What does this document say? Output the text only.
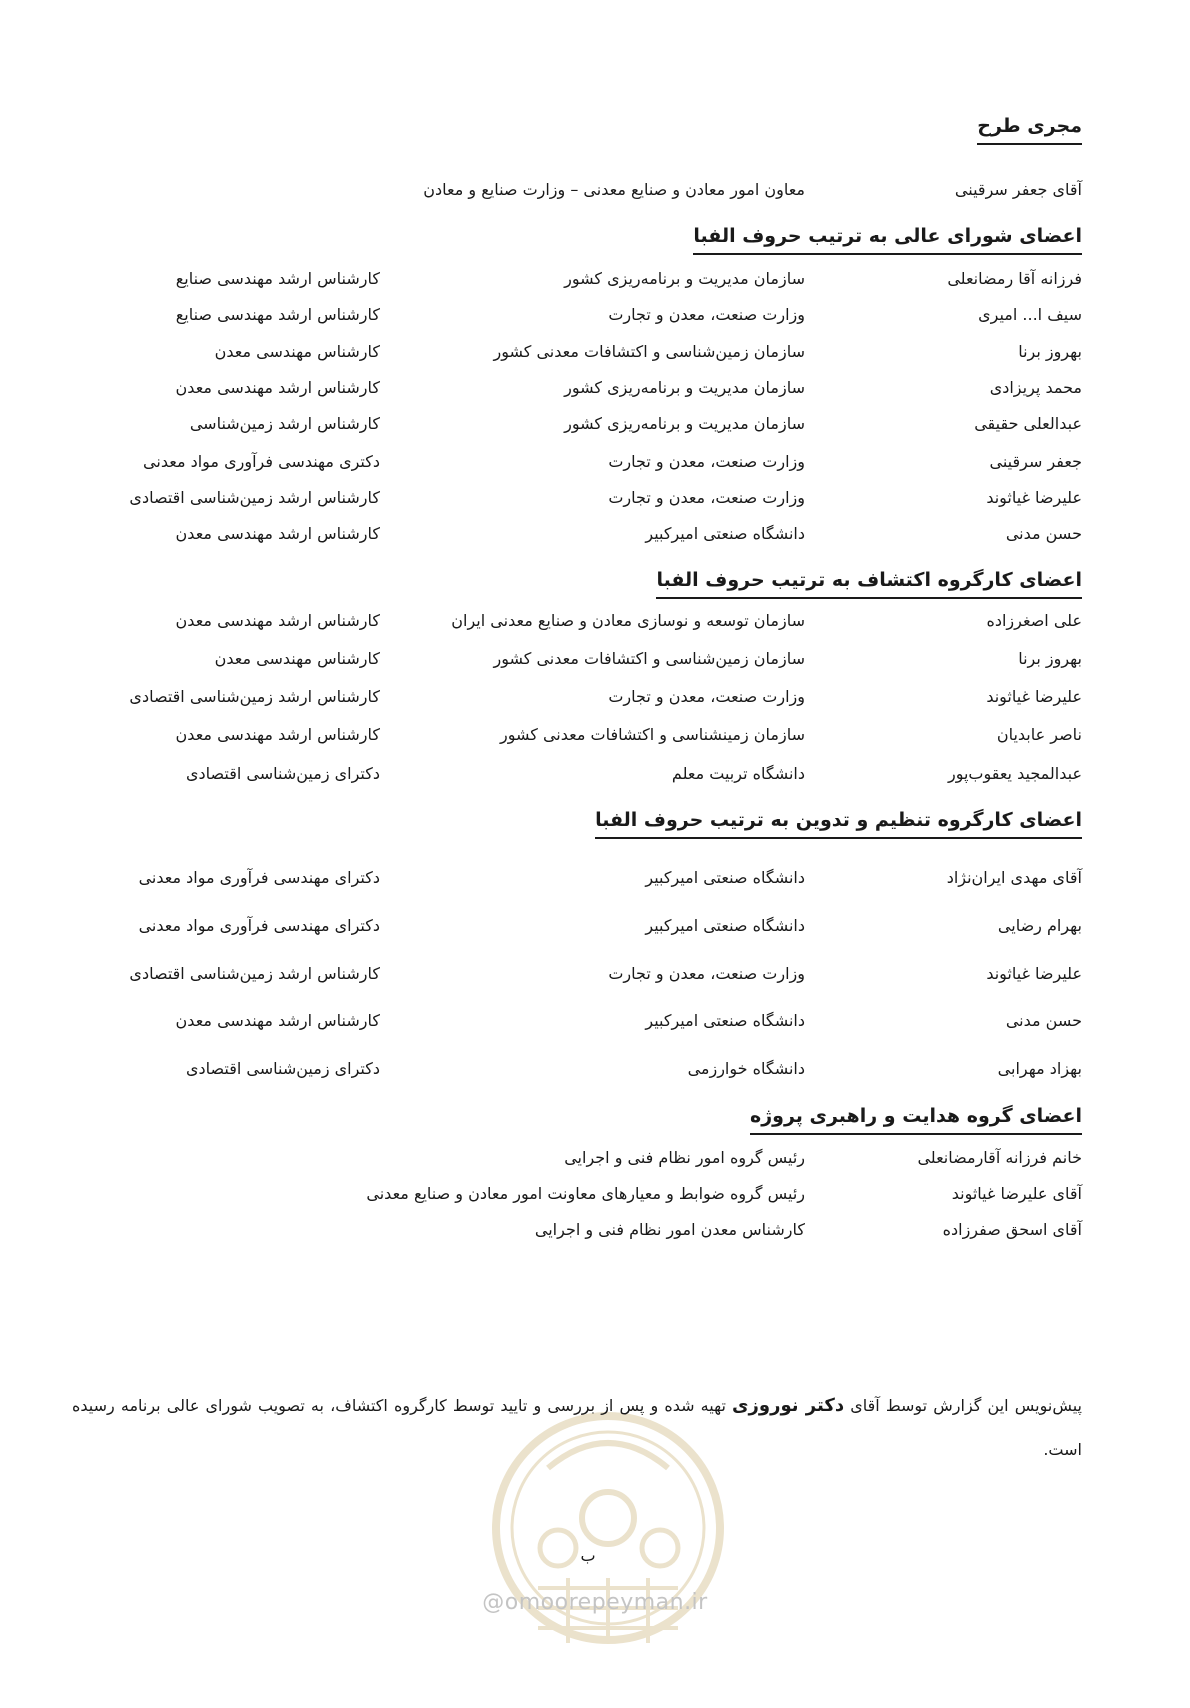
مجری طرح
آقای جعفر سرقینی
معاون امور معادن و صنایع معدنی – وزارت صنایع و معادن
اعضای شورای عالی به ترتیب حروف الفبا
فرزانه آقا رمضانعلی
سازمان مدیریت و برنامه‌ریزی کشور
کارشناس ارشد مهندسی صنایع
سیف ا... امیری
وزارت صنعت، معدن و تجارت
کارشناس ارشد مهندسی صنایع
بهروز برنا
سازمان زمین‌شناسی و اکتشافات معدنی کشور
کارشناس مهندسی معدن
محمد پریزادی
سازمان مدیریت و برنامه‌ریزی کشور
کارشناس ارشد مهندسی معدن
عبدالعلی حقیقی
سازمان مدیریت و برنامه‌ریزی کشور
کارشناس ارشد زمین‌شناسی
جعفر سرقینی
وزارت صنعت، معدن و تجارت
دکتری مهندسی فرآوری مواد معدنی
علیرضا غیاثوند
وزارت صنعت، معدن و تجارت
کارشناس ارشد زمین‌شناسی اقتصادی
حسن مدنی
دانشگاه صنعتی امیرکبیر
کارشناس ارشد مهندسی معدن
اعضای کارگروه اکتشاف به ترتیب حروف الفبا
علی اصغرزاده
سازمان توسعه و نوسازی معادن و صنایع معدنی ایران
کارشناس ارشد مهندسی معدن
بهروز برنا
سازمان زمین‌شناسی و اکتشافات معدنی کشور
کارشناس مهندسی معدن
علیرضا غیاثوند
وزارت صنعت، معدن و تجارت
کارشناس ارشد زمین‌شناسی اقتصادی
ناصر عابدیان
سازمان زمینشناسی و اکتشافات معدنی کشور
کارشناس ارشد مهندسی معدن
عبدالمجید یعقوب‌پور
دانشگاه تربیت معلم
دکترای زمین‌شناسی اقتصادی
اعضای کارگروه تنظیم و تدوین به ترتیب حروف الفبا
آقای مهدی ایران‌نژاد
دانشگاه صنعتی امیرکبیر
دکترای مهندسی فرآوری مواد معدنی
بهرام رضایی
دانشگاه صنعتی امیرکبیر
دکترای مهندسی فرآوری مواد معدنی
علیرضا غیاثوند
وزارت صنعت، معدن و تجارت
کارشناس ارشد زمین‌شناسی اقتصادی
حسن مدنی
دانشگاه صنعتی امیرکبیر
کارشناس ارشد مهندسی معدن
بهزاد مهرابی
دانشگاه خوارزمی
دکترای زمین‌شناسی اقتصادی
اعضای گروه هدایت و راهبری پروژه
خانم فرزانه آقارمضانعلی
رئیس گروه امور نظام فنی و اجرایی
آقای علیرضا غیاثوند
رئیس گروه ضوابط و معیارهای معاونت امور معادن و صنایع معدنی
آقای اسحق صفرزاده
کارشناس معدن امور نظام فنی و اجرایی

پیش‌نویس این گزارش توسط آقای دکتر نوروزی تهیه شده و پس از بررسی و تایید توسط کارگروه اکتشاف، به تصویب شورای عالی برنامه رسیده است.

ب
@omoorepeyman.ir
